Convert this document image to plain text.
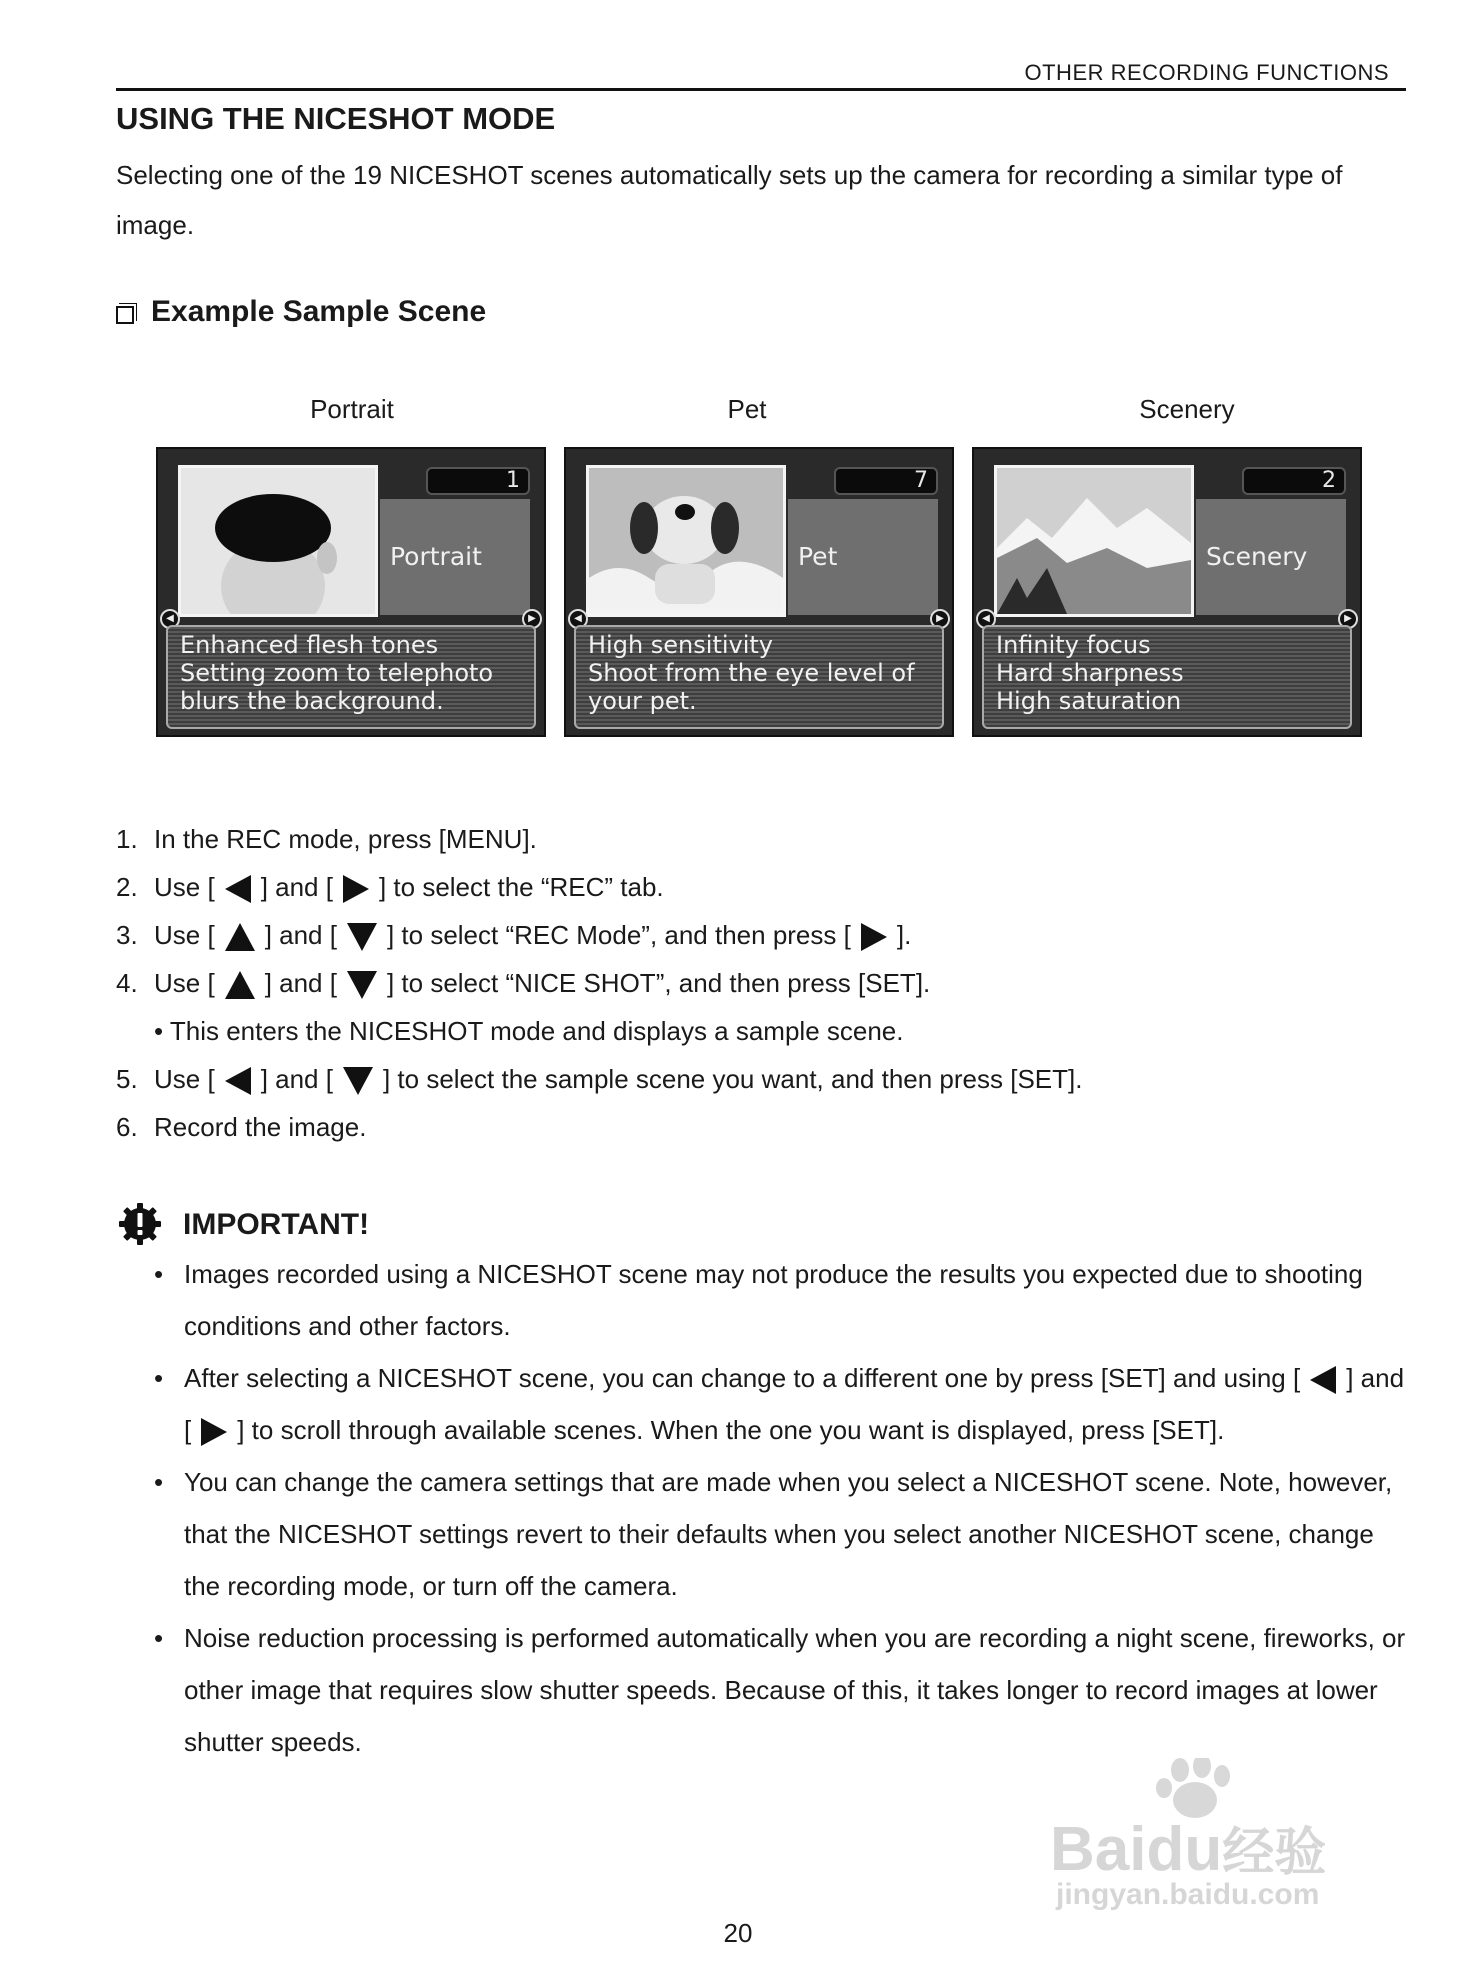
OTHER RECORDING FUNCTIONS
USING THE NICESHOT MODE
Selecting one of the 19 NICESHOT scenes automatically sets up the camera for recording a similar type of image.
Example Sample Scene
Portrait	Pet	Scenery
1
Portrait
◀	▶
Enhanced flesh tones
Setting zoom to telephoto
blurs the background.
7
Pet
◀	▶
High sensitivity
Shoot from the eye level of
your pet.
2
Scenery
◀	▶
Infinity focus
Hard sharpness
High saturation
1. In the REC mode, press [MENU].
2. Use [ ] and [ ] to select the “REC” tab.
3. Use [ ] and [ ] to select “REC Mode”, and then press [ ].
4. Use [ ] and [ ] to select “NICE SHOT”, and then press [SET].
• This enters the NICESHOT mode and displays a sample scene.
5. Use [ ] and [ ] to select the sample scene you want, and then press [SET].
6. Record the image.
IMPORTANT!
• Images recorded using a NICESHOT scene may not produce the results you expected due to shooting conditions and other factors.
• After selecting a NICESHOT scene, you can change to a different one by press [SET] and using [ ] and [ ] to scroll through available scenes. When the one you want is displayed, press [SET].
• You can change the camera settings that are made when you select a NICESHOT scene. Note, however, that the NICESHOT settings revert to their defaults when you select another NICESHOT scene, change the recording mode, or turn off the camera.
• Noise reduction processing is performed automatically when you are recording a night scene, fireworks, or other image that requires slow shutter speeds. Because of this, it takes longer to record images at lower shutter speeds.
Baidu经验
jingyan.baidu.com
20
